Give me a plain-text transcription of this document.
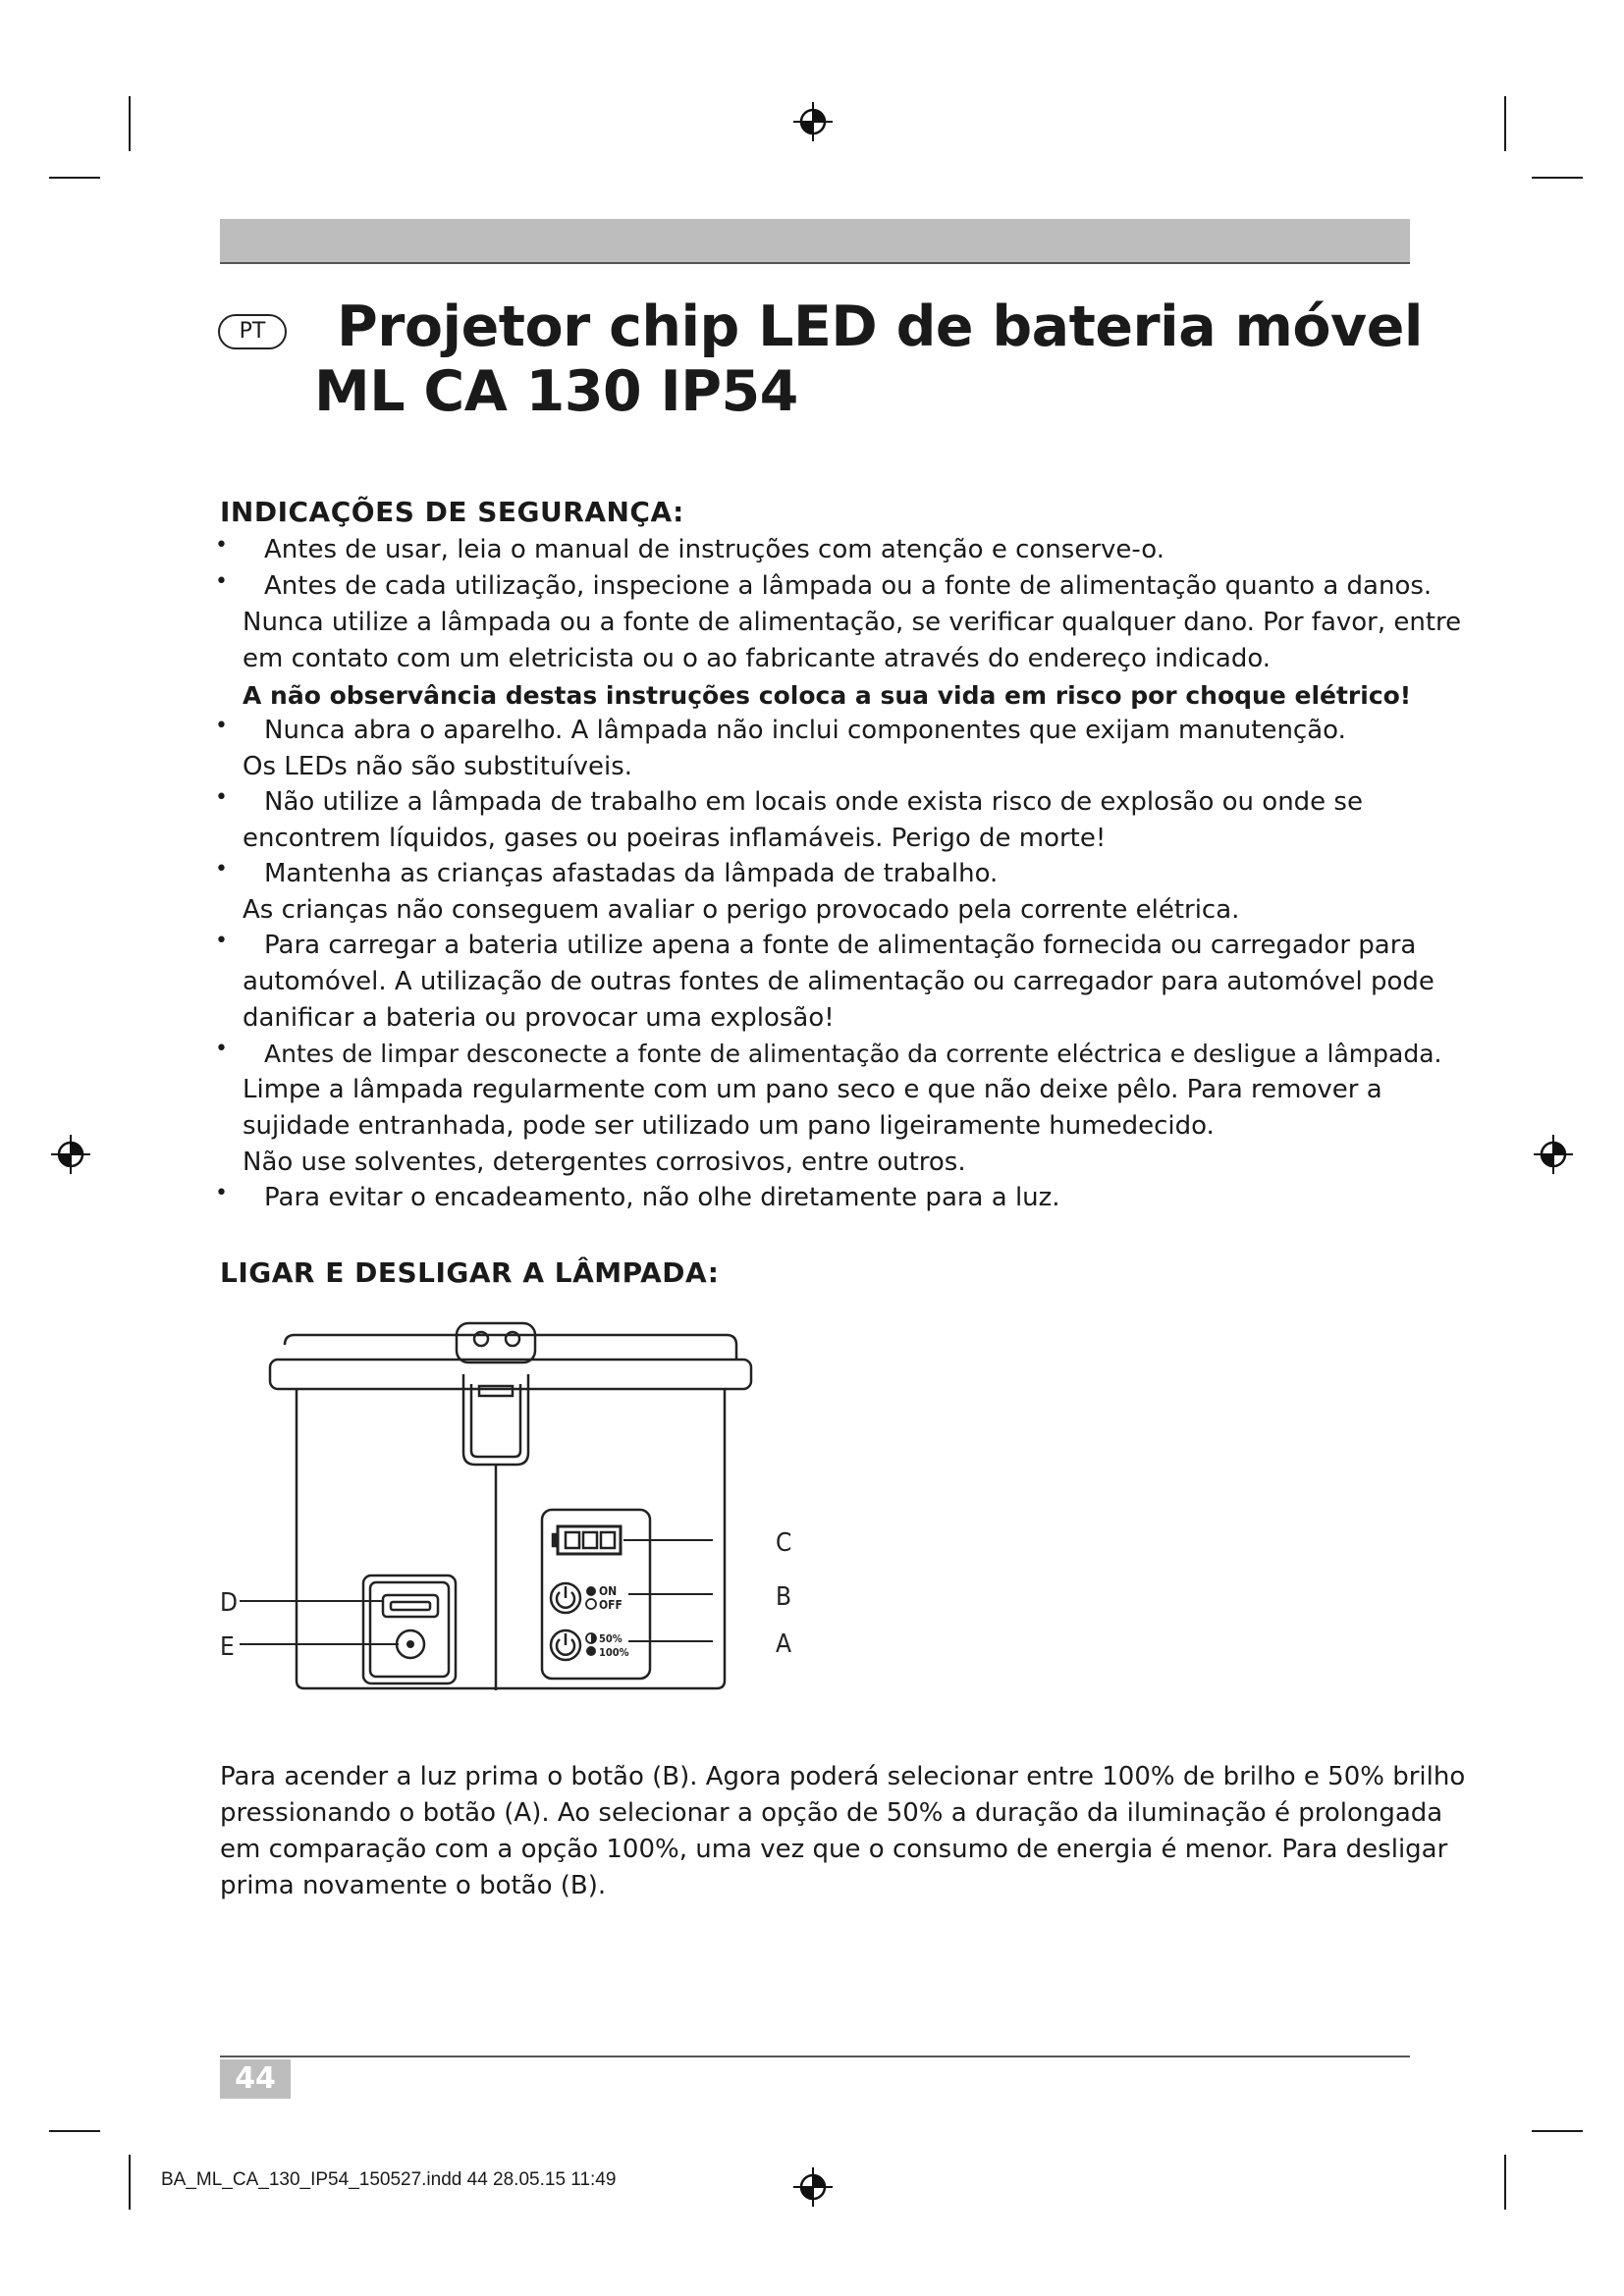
PT	Projetor chip LED de bateria móvel
ML CA 130 IP54
INDICAÇÕES DE SEGURANÇA:
• Antes de usar, leia o manual de instruções com atenção e conserve-o.
• Antes de cada utilização, inspecione a lâmpada ou a fonte de alimentação quanto a danos.
Nunca utilize a lâmpada ou a fonte de alimentação, se verificar qualquer dano. Por favor, entre
em contato com um eletricista ou o ao fabricante através do endereço indicado.
A não observância destas instruções coloca a sua vida em risco por choque elétrico!
• Nunca abra o aparelho. A lâmpada não inclui componentes que exijam manutenção.
Os LEDs não são substituíveis.
• Não utilize a lâmpada de trabalho em locais onde exista risco de explosão ou onde se
encontrem líquidos, gases ou poeiras inflamáveis. Perigo de morte!
• Mantenha as crianças afastadas da lâmpada de trabalho.
As crianças não conseguem avaliar o perigo provocado pela corrente elétrica.
• Para carregar a bateria utilize apena a fonte de alimentação fornecida ou carregador para
automóvel. A utilização de outras fontes de alimentação ou carregador para automóvel pode
danificar a bateria ou provocar uma explosão!
• Antes de limpar desconecte a fonte de alimentação da corrente eléctrica e desligue a lâmpada.
Limpe a lâmpada regularmente com um pano seco e que não deixe pêlo. Para remover a
sujidade entranhada, pode ser utilizado um pano ligeiramente humedecido.
Não use solventes, detergentes corrosivos, entre outros.
• Para evitar o encadeamento, não olhe diretamente para a luz.
LIGAR E DESLIGAR A LÂMPADA:
ON
OFF
50%
100%
C
B
A
D
E
Para acender a luz prima o botão (B). Agora poderá selecionar entre 100% de brilho e 50% brilho
pressionando o botão (A). Ao selecionar a opção de 50% a duração da iluminação é prolongada
em comparação com a opção 100%, uma vez que o consumo de energia é menor. Para desligar
prima novamente o botão (B).
44
BA_ML_CA_130_IP54_150527.indd 44 28.05.15 11:49
